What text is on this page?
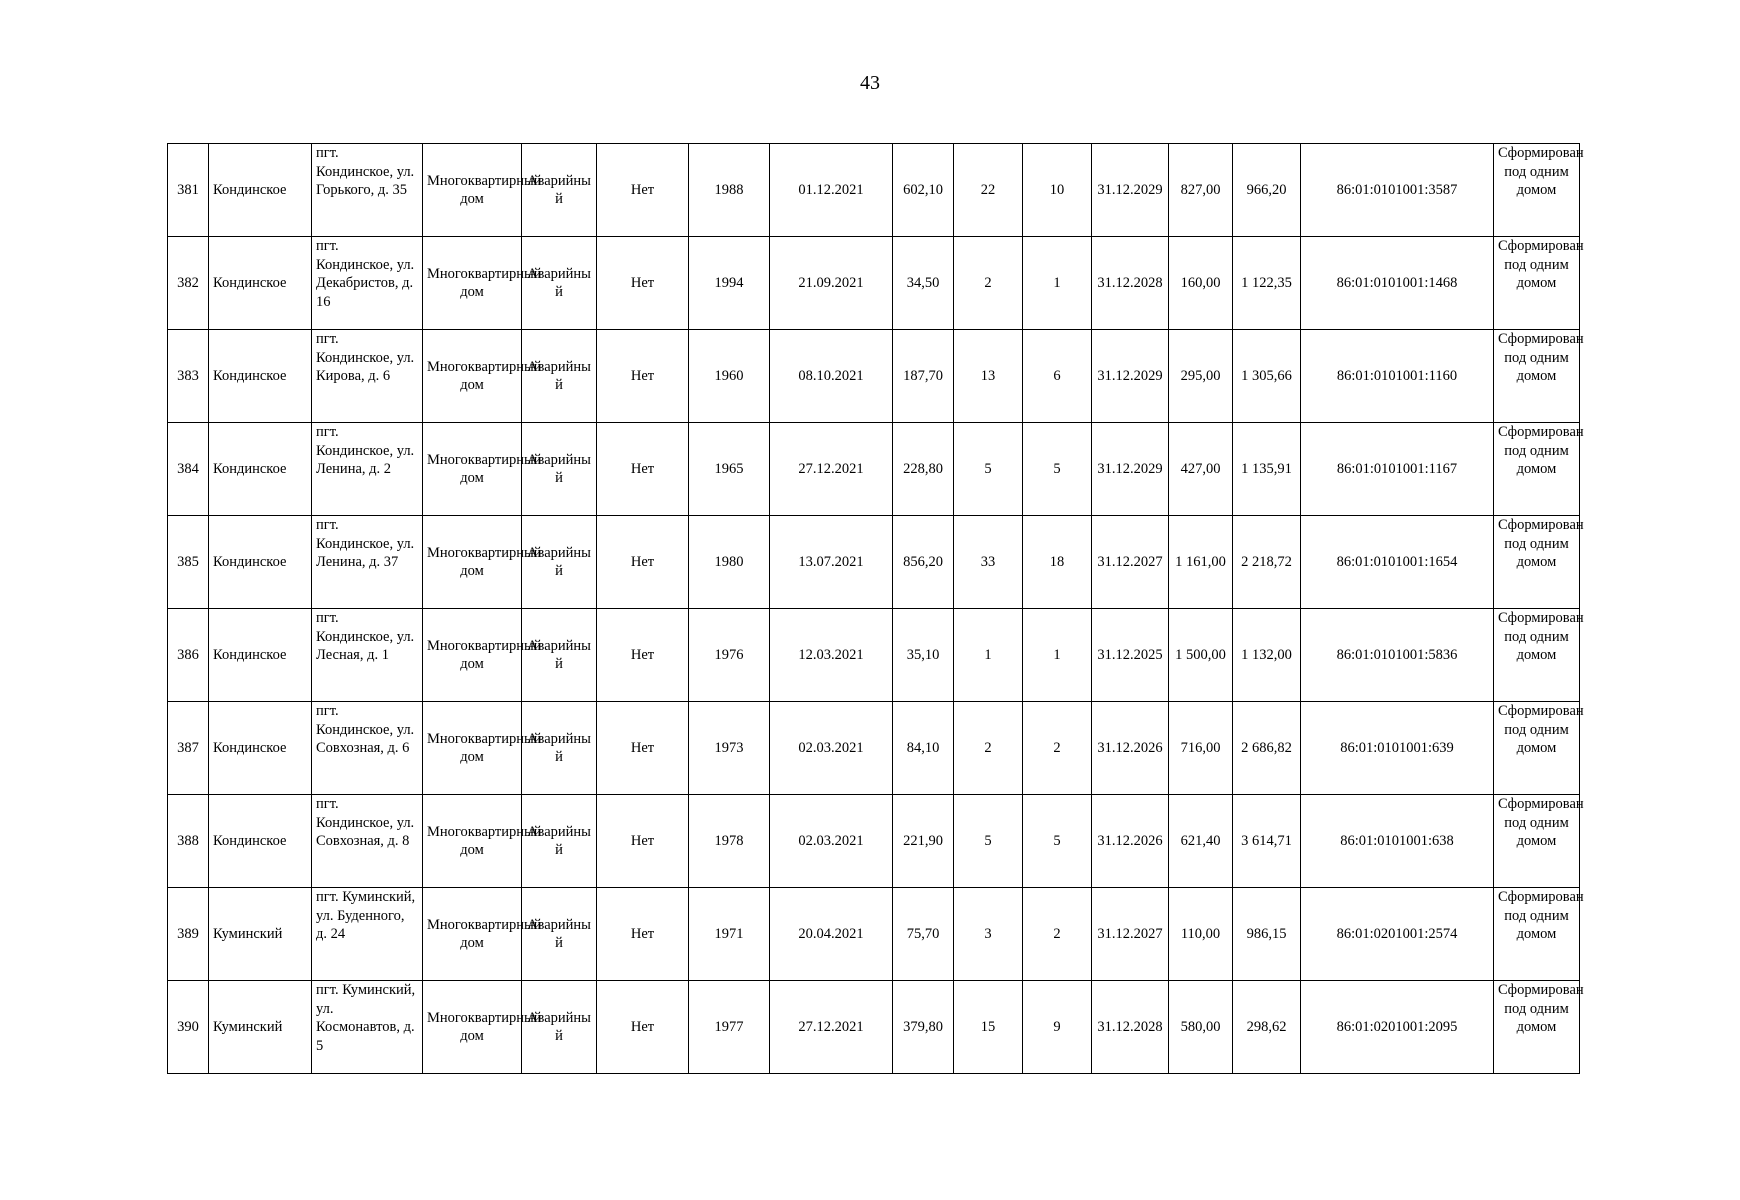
43
381	Кондинское	пгт. Кондинское, ул. Горького, д. 35	Многоквартирный дом	Аварийный	Нет	1988	01.12.2021	602,10	22	10	31.12.2029	827,00	966,20	86:01:0101001:3587	Сформирован под одним домом
382	Кондинское	пгт. Кондинское, ул. Декабристов, д. 16	Многоквартирный дом	Аварийный	Нет	1994	21.09.2021	34,50	2	1	31.12.2028	160,00	1 122,35	86:01:0101001:1468	Сформирован под одним домом
383	Кондинское	пгт. Кондинское, ул. Кирова, д. 6	Многоквартирный дом	Аварийный	Нет	1960	08.10.2021	187,70	13	6	31.12.2029	295,00	1 305,66	86:01:0101001:1160	Сформирован под одним домом
384	Кондинское	пгт. Кондинское, ул. Ленина, д. 2	Многоквартирный дом	Аварийный	Нет	1965	27.12.2021	228,80	5	5	31.12.2029	427,00	1 135,91	86:01:0101001:1167	Сформирован под одним домом
385	Кондинское	пгт. Кондинское, ул. Ленина, д. 37	Многоквартирный дом	Аварийный	Нет	1980	13.07.2021	856,20	33	18	31.12.2027	1 161,00	2 218,72	86:01:0101001:1654	Сформирован под одним домом
386	Кондинское	пгт. Кондинское, ул. Лесная, д. 1	Многоквартирный дом	Аварийный	Нет	1976	12.03.2021	35,10	1	1	31.12.2025	1 500,00	1 132,00	86:01:0101001:5836	Сформирован под одним домом
387	Кондинское	пгт. Кондинское, ул. Совхозная, д. 6	Многоквартирный дом	Аварийный	Нет	1973	02.03.2021	84,10	2	2	31.12.2026	716,00	2 686,82	86:01:0101001:639	Сформирован под одним домом
388	Кондинское	пгт. Кондинское, ул. Совхозная, д. 8	Многоквартирный дом	Аварийный	Нет	1978	02.03.2021	221,90	5	5	31.12.2026	621,40	3 614,71	86:01:0101001:638	Сформирован под одним домом
389	Куминский	пгт. Куминский, ул. Буденного, д. 24	Многоквартирный дом	Аварийный	Нет	1971	20.04.2021	75,70	3	2	31.12.2027	110,00	986,15	86:01:0201001:2574	Сформирован под одним домом
390	Куминский	пгт. Куминский, ул. Космонавтов, д. 5	Многоквартирный дом	Аварийный	Нет	1977	27.12.2021	379,80	15	9	31.12.2028	580,00	298,62	86:01:0201001:2095	Сформирован под одним домом
